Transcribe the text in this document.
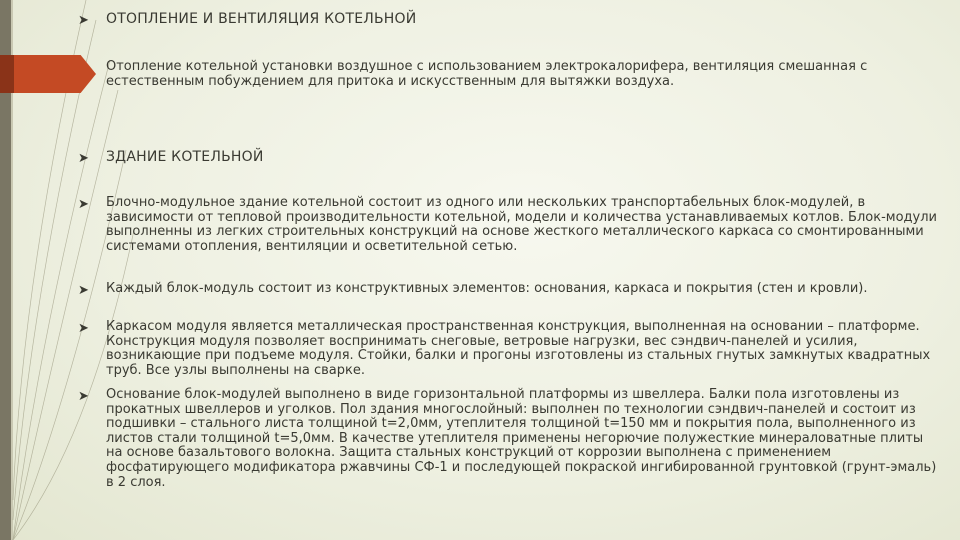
➤	ОТОПЛЕНИЕ И ВЕНТИЛЯЦИЯ КОТЕЛЬНОЙ
Отопление котельной установки воздушное с использованием электрокалорифера, вентиляция смешанная с естественным побуждением для притока и искусственным для вытяжки воздуха.
➤	ЗДАНИЕ КОТЕЛЬНОЙ
➤	Блочно-модульное здание котельной состоит из одного или нескольких транспортабельных блок-модулей, в зависимости от тепловой производительности котельной, модели и количества устанавливаемых котлов. Блок-модули выполненны из легких строительных конструкций на основе жесткого металлического каркаса со смонтированными системами отопления, вентиляции и осветительной сетью.
➤	Каждый блок-модуль состоит из конструктивных элементов: основания, каркаса и покрытия (стен и кровли).
➤	Каркасом модуля является металлическая пространственная конструкция, выполненная на основании – платформе. Конструкция модуля позволяет воспринимать снеговые, ветровые нагрузки, вес сэндвич-панелей и усилия, возникающие при подъеме модуля. Стойки, балки и прогоны изготовлены из стальных гнутых замкнутых квадратных труб. Все узлы выполнены на сварке.
➤	Основание блок-модулей выполнено в виде горизонтальной платформы из швеллера. Балки пола изготовлены из прокатных швеллеров и уголков. Пол здания многослойный: выполнен по технологии сэндвич-панелей и состоит из подшивки – стального листа толщиной t=2,0мм, утеплителя толщиной t=150 мм и покрытия пола, выполненного из листов стали толщиной t=5,0мм. В качестве утеплителя применены негорючие полужесткие минераловатные плиты на основе базальтового волокна. Защита стальных конструкций от коррозии выполнена с применением фосфатирующего модификатора ржавчины СФ-1 и последующей покраской ингибированной грунтовкой (грунт-эмаль) в 2 слоя.
